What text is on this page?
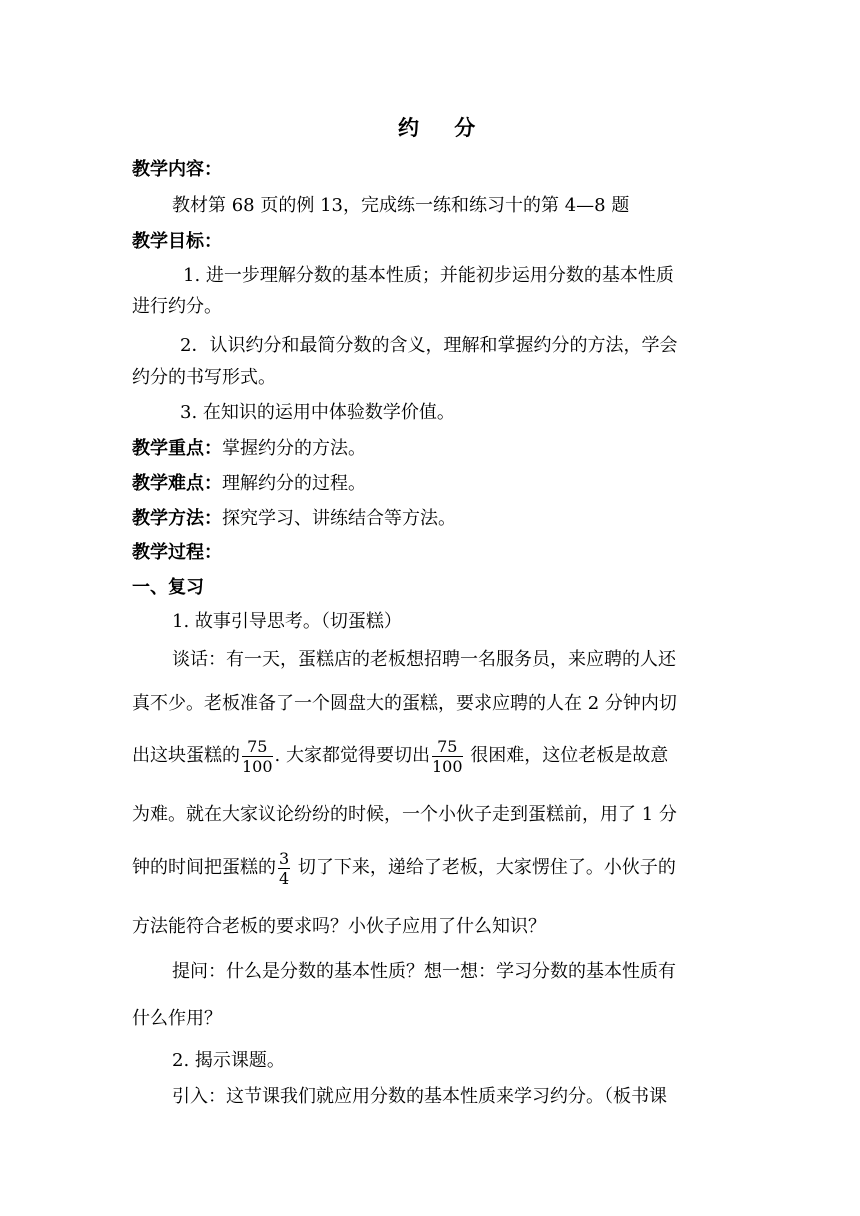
约 分
教学内容：
教材第 68 页的例 13，完成练一练和练习十的第 4—8 题
教学目标：
1. 进一步理解分数的基本性质；并能初步运用分数的基本性质
进行约分。
2．认识约分和最简分数的含义，理解和掌握约分的方法，学会
约分的书写形式。
3. 在知识的运用中体验数学价值。
教学重点：掌握约分的方法。
教学难点：理解约分的过程。
教学方法：探究学习、讲练结合等方法。
教学过程：
一、复习
1. 故事引导思考。（切蛋糕）
谈话：有一天，蛋糕店的老板想招聘一名服务员，来应聘的人还
真不少。老板准备了一个圆盘大的蛋糕，要求应聘的人在 2 分钟内切
出这块蛋糕的 $\frac{75}{100}$ . 大家都觉得要切出 $\frac{75}{100}$ 很困难，这位老板是故意
为难。就在大家议论纷纷的时候，一个小伙子走到蛋糕前，用了 1 分
钟的时间把蛋糕的 $\frac{3}{4}$ 切了下来，递给了老板，大家愣住了。小伙子的
方法能符合老板的要求吗？小伙子应用了什么知识？
提问：什么是分数的基本性质？想一想：学习分数的基本性质有
什么作用？
2. 揭示课题。
引入：这节课我们就应用分数的基本性质来学习约分。（板书课
